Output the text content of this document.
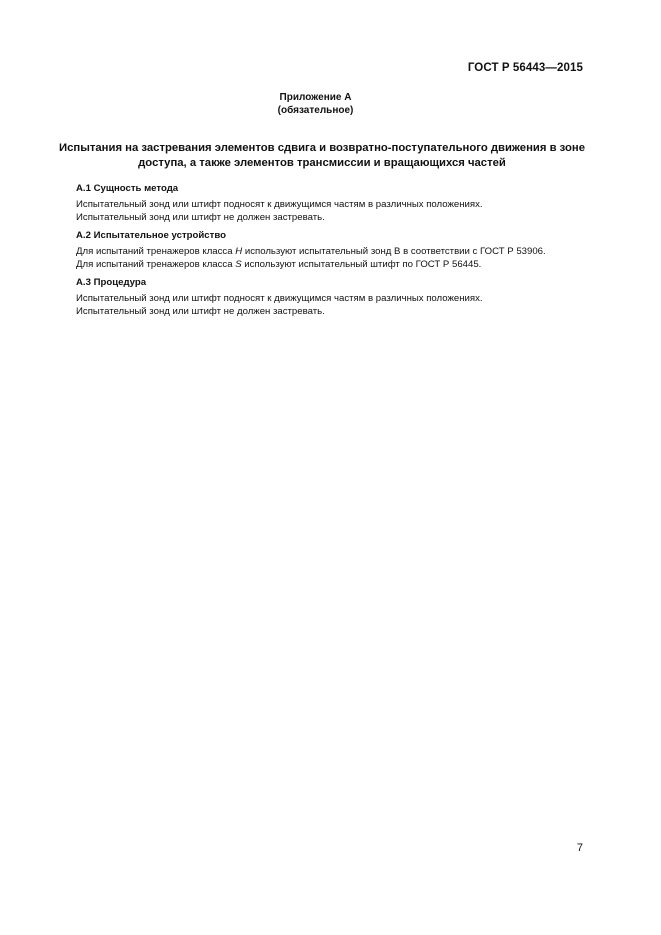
ГОСТ Р 56443—2015
Приложение А
(обязательное)
Испытания на застревания элементов сдвига и возвратно-поступательного движения в зоне
доступа, а также элементов трансмиссии и вращающихся частей
А.1 Сущность метода

Испытательный зонд или штифт подносят к движущимся частям в различных положениях.

Испытательный зонд или штифт не должен застревать.

А.2 Испытательное устройство

Для испытаний тренажеров класса H используют испытательный зонд В в соответствии с ГОСТ Р 53906.

Для испытаний тренажеров класса S используют испытательный штифт по ГОСТ Р 56445.

А.3 Процедура

Испытательный зонд или штифт подносят к движущимся частям в различных положениях.

Испытательный зонд или штифт не должен застревать.

7
